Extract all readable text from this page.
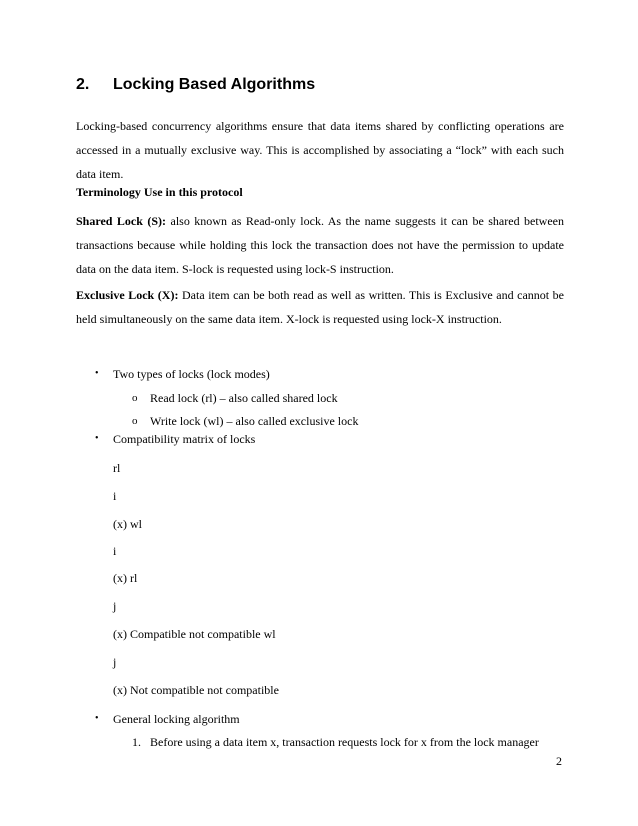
2. Locking Based Algorithms
Locking-based concurrency algorithms ensure that data items shared by conflicting operations are accessed in a mutually exclusive way. This is accomplished by associating a “lock” with each such data item.
Terminology Use in this protocol
Shared Lock (S): also known as Read-only lock. As the name suggests it can be shared between transactions because while holding this lock the transaction does not have the permission to update data on the data item. S-lock is requested using lock-S instruction.
Exclusive Lock (X): Data item can be both read as well as written. This is Exclusive and cannot be held simultaneously on the same data item. X-lock is requested using lock-X instruction.
• Two types of locks (lock modes)
o Read lock (rl) – also called shared lock
o Write lock (wl) – also called exclusive lock
• Compatibility matrix of locks
rl
i
(x) wl
i
(x) rl
j
(x) Compatible not compatible wl
j
(x) Not compatible not compatible
• General locking algorithm
1. Before using a data item x, transaction requests lock for x from the lock manager
2
